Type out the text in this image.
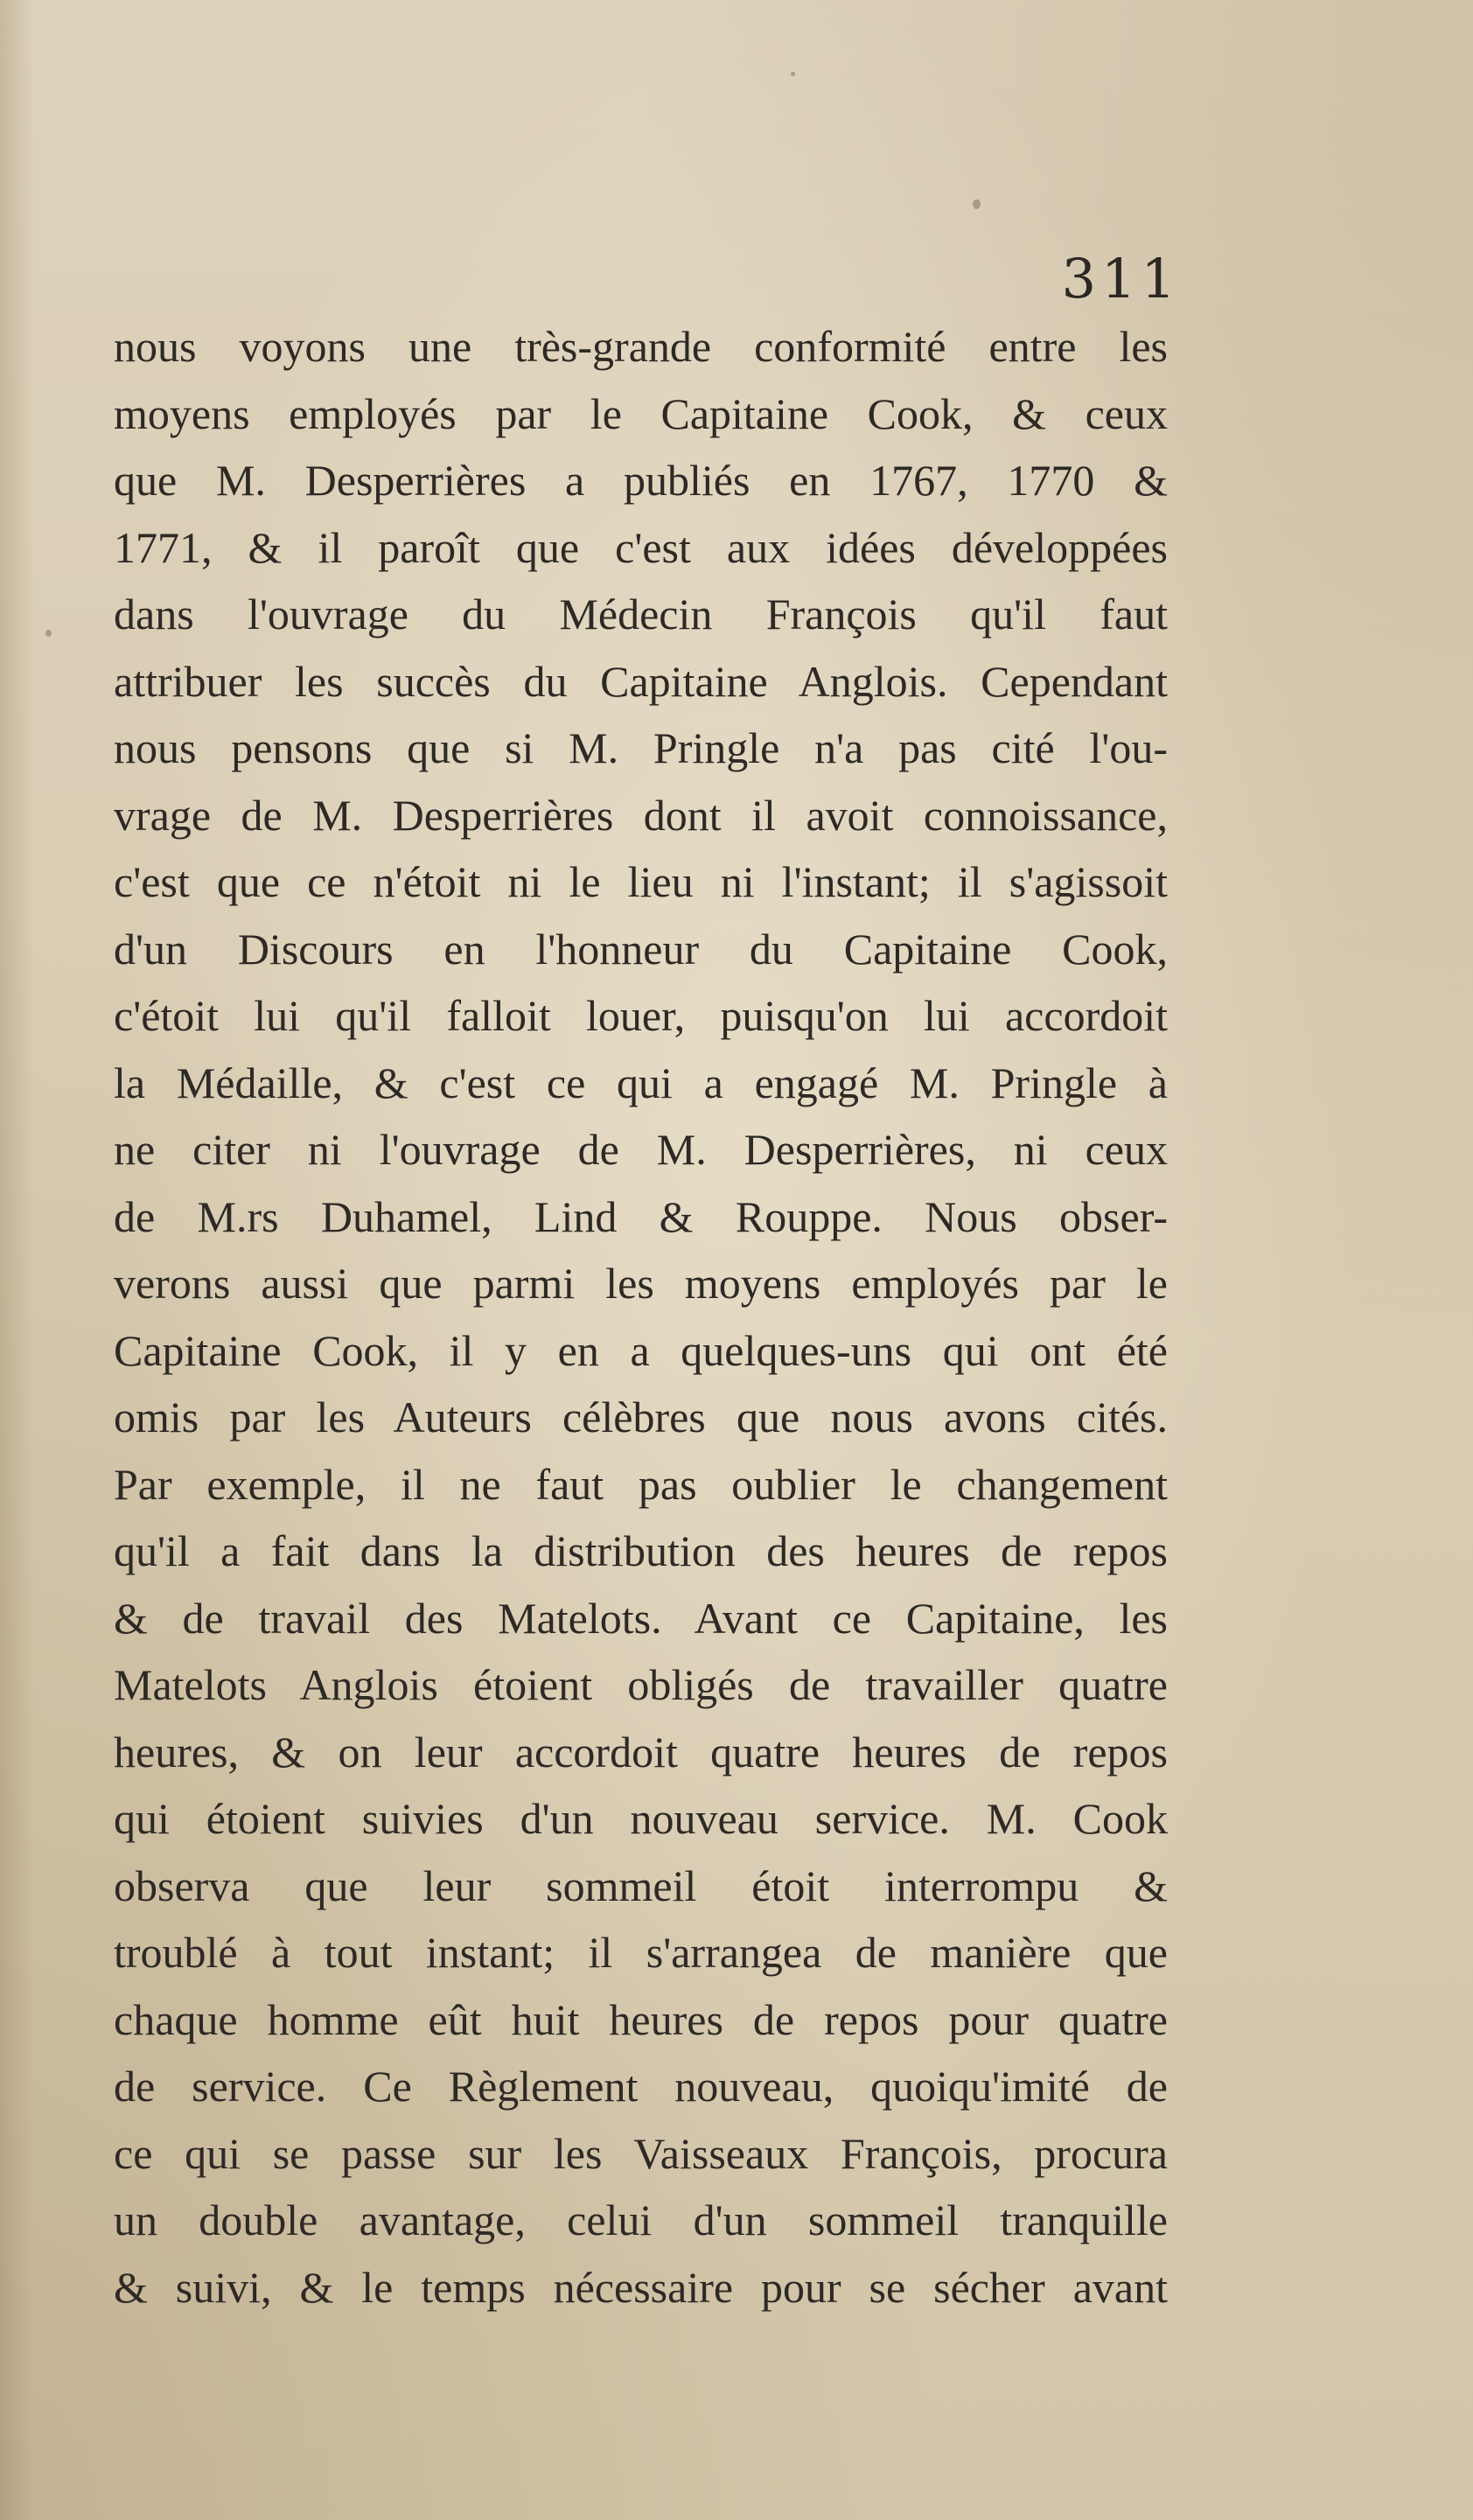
311
nous voyons une très-grande conformité entre les
moyens employés par le Capitaine Cook, & ceux
que M. Desperrières a publiés en 1767, 1770 &
1771, & il paroît que c'est aux idées développées
dans l'ouvrage du Médecin François qu'il faut
attribuer les succès du Capitaine Anglois. Cependant
nous pensons que si M. Pringle n'a pas cité l'ou-
vrage de M. Desperrières dont il avoit connoissance,
c'est que ce n'étoit ni le lieu ni l'instant; il s'agissoit
d'un Discours en l'honneur du Capitaine Cook,
c'étoit lui qu'il falloit louer, puisqu'on lui accordoit
la Médaille, & c'est ce qui a engagé M. Pringle à
ne citer ni l'ouvrage de M. Desperrières, ni ceux
de M.rs Duhamel, Lind & Rouppe. Nous obser-
verons aussi que parmi les moyens employés par le
Capitaine Cook, il y en a quelques-uns qui ont été
omis par les Auteurs célèbres que nous avons cités.
Par exemple, il ne faut pas oublier le changement
qu'il a fait dans la distribution des heures de repos
& de travail des Matelots. Avant ce Capitaine, les
Matelots Anglois étoient obligés de travailler quatre
heures, & on leur accordoit quatre heures de repos
qui étoient suivies d'un nouveau service. M. Cook
observa que leur sommeil étoit interrompu &
troublé à tout instant; il s'arrangea de manière que
chaque homme eût huit heures de repos pour quatre
de service. Ce Règlement nouveau, quoiqu'imité de
ce qui se passe sur les Vaisseaux François, procura
un double avantage, celui d'un sommeil tranquille
& suivi, & le temps nécessaire pour se sécher avant
